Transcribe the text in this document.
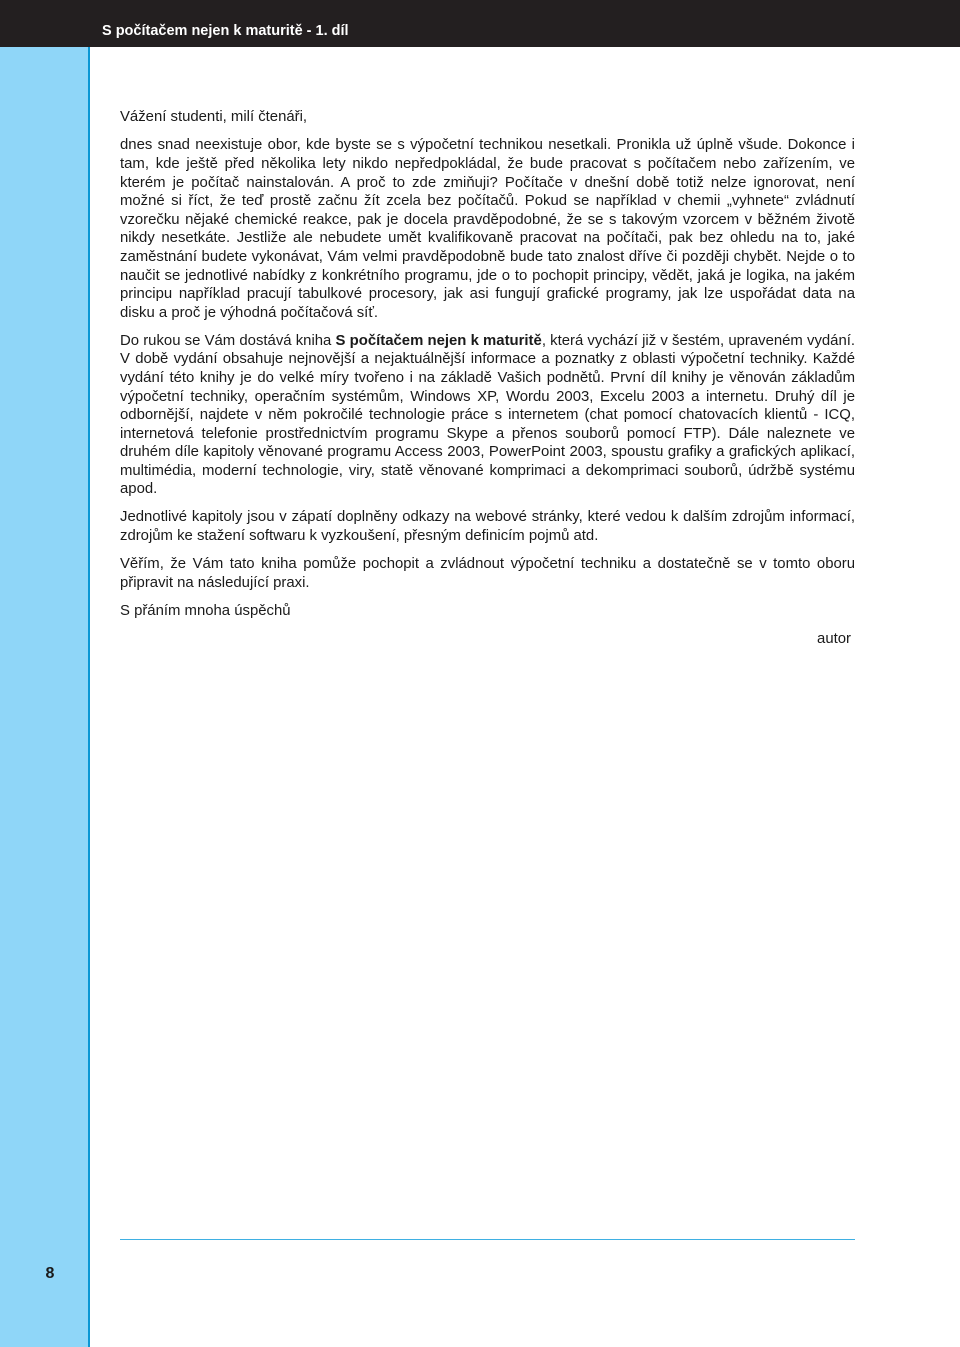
S počítačem nejen k maturitě - 1. díl
8

Vážení studenti, milí čtenáři,

dnes snad neexistuje obor, kde byste se s výpočetní technikou nesetkali. Pronikla už úplně všude. Dokonce i tam, kde ještě před několika lety nikdo nepředpokládal, že bude pracovat s počítačem nebo zařízením, ve kterém je počítač nainstalován. A proč to zde zmiňuji? Počítače v dnešní době totiž nelze ignorovat, není možné si říct, že teď prostě začnu žít zcela bez počítačů. Pokud se například v chemii „vyhnete“ zvládnutí vzorečku nějaké chemické reakce, pak je docela pravděpodobné, že se s takovým vzorcem v běžném životě nikdy nesetkáte. Jestliže ale nebudete umět kvalifikovaně pracovat na počítači, pak bez ohledu na to, jaké zaměstnání budete vykonávat, Vám velmi pravděpodobně bude tato znalost dříve či později chybět. Nejde o to naučit se jednotlivé nabídky z konkrétního programu, jde o to pochopit principy, vědět, jaká je logika, na jakém principu například pracují tabulkové procesory, jak asi fungují grafické programy, jak lze uspořádat data na disku a proč je výhodná počítačová síť.

Do rukou se Vám dostává kniha S počítačem nejen k maturitě, která vychází již v šestém, upraveném vydání. V době vydání obsahuje nejnovější a nejaktuálnější informace a poznatky z oblasti výpočetní techniky. Každé vydání této knihy je do velké míry tvořeno i na základě Vašich podnětů. První díl knihy je věnován základům výpočetní techniky, operačním systémům, Windows XP, Wordu 2003, Excelu 2003 a internetu. Druhý díl je odbornější, najdete v něm pokročilé technologie práce s internetem (chat pomocí chatovacích klientů - ICQ, internetová telefonie prostřednictvím programu Skype a přenos souborů pomocí FTP). Dále naleznete ve druhém díle kapitoly věnované programu Access 2003, PowerPoint 2003, spoustu grafiky a grafických aplikací, multimédia, moderní technologie, viry, statě věnované komprimaci a dekomprimaci souborů, údržbě systému apod.

Jednotlivé kapitoly jsou v zápatí doplněny odkazy na webové stránky, které vedou k dalším zdrojům informací, zdrojům ke stažení softwaru k vyzkoušení, přesným definicím pojmů atd.

Věřím, že Vám tato kniha pomůže pochopit a zvládnout výpočetní techniku a dostatečně se v tomto oboru připravit na následující praxi.

S přáním mnoha úspěchů

autor
